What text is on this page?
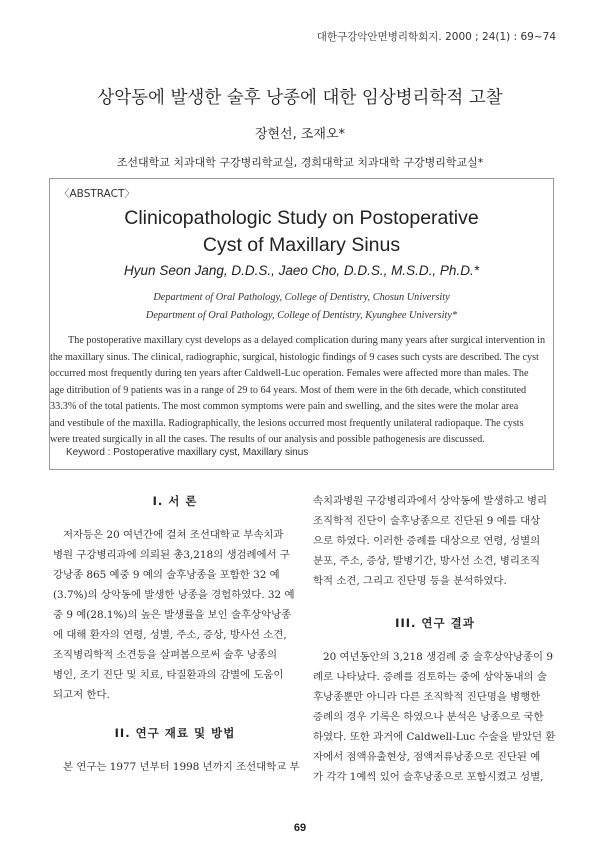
대한구강악안면병리학회지. 2000 ; 24(1) : 69~74
상악동에 발생한 술후 낭종에 대한 임상병리학적 고찰
장현선, 조재오*
조선대학교 치과대학 구강병리학교실, 경희대학교 치과대학 구강병리학교실*
〈ABSTRACT〉
Clinicopathologic Study on Postoperative
Cyst of Maxillary Sinus
Hyun Seon Jang, D.D.S., Jaeo Cho, D.D.S., M.S.D., Ph.D.*
Department of Oral Pathology, College of Dentistry, Chosun University
Department of Oral Pathology, College of Dentistry, Kyunghee University*
The postoperative maxillary cyst develops as a delayed complication during many years after surgical intervention in
the maxillary sinus. The clinical, radiographic, surgical, histologic findings of 9 cases such cysts are described. The cyst
occurred most frequently during ten years after Caldwell-Luc operation. Females were affected more than males. The
age ditribution of 9 patients was in a range of 29 to 64 years. Most of them were in the 6th decade, which constituted
33.3% of the total patients. The most common symptoms were pain and swelling, and the sites were the molar area
and vestibule of the maxilla. Radiographically, the lesions occurred most frequently unilateral radiopaque. The cysts
were treated surgically in all the cases. The results of our analysis and possible pathogenesis are discussed.
Keyword : Postoperative maxillary cyst, Maxillary sinus
I. 서 론
저자등은 20 여년간에 걸쳐 조선대학교 부속치과
병원 구강병리과에 의뢰된 총3,218의 생검례에서 구
강낭종 865 예중 9 예의 술후낭종을 포함한 32 예
(3.7%)의 상악동에 발생한 낭종을 경험하였다. 32 예
중 9 예(28.1%)의 높은 발생률을 보인 술후상악낭종
에 대해 환자의 연령, 성별, 주소, 증상, 방사선 소견,
조직병리학적 소견등을 살펴봄으로써 술후 낭종의
병인, 조기 진단 및 치료, 타질환과의 감별에 도움이
되고저 한다.
II. 연구 재료 및 방법
본 연구는 1977 년부터 1998 년까지 조선대학교 부
속치과병원 구강병리과에서 상악동에 발생하고 병리
조직학적 진단이 술후낭종으로 진단된 9 예를 대상
으로 하였다. 이러한 증례를 대상으로 연령, 성별의
분포, 주소, 증상, 발병기간, 방사선 소견, 병리조직
학적 소견, 그리고 진단명 등을 분석하였다.
III. 연구 결과
20 여년동안의 3,218 생검례 중 술후상악낭종이 9
례로 나타났다. 증례를 검토하는 중에 상악동내의 술
후낭종뿐만 아니라 다른 조직학적 진단명을 병행한
증례의 경우 기록은 하였으나 분석은 낭종으로 국한
하였다. 또한 과거에 Caldwell-Luc 수술을 받았던 환
자에서 점액유출현상, 점액저류낭종으로 진단된 예
가 각각 1예씩 있어 술후낭종으로 포함시켰고 성별,
69
